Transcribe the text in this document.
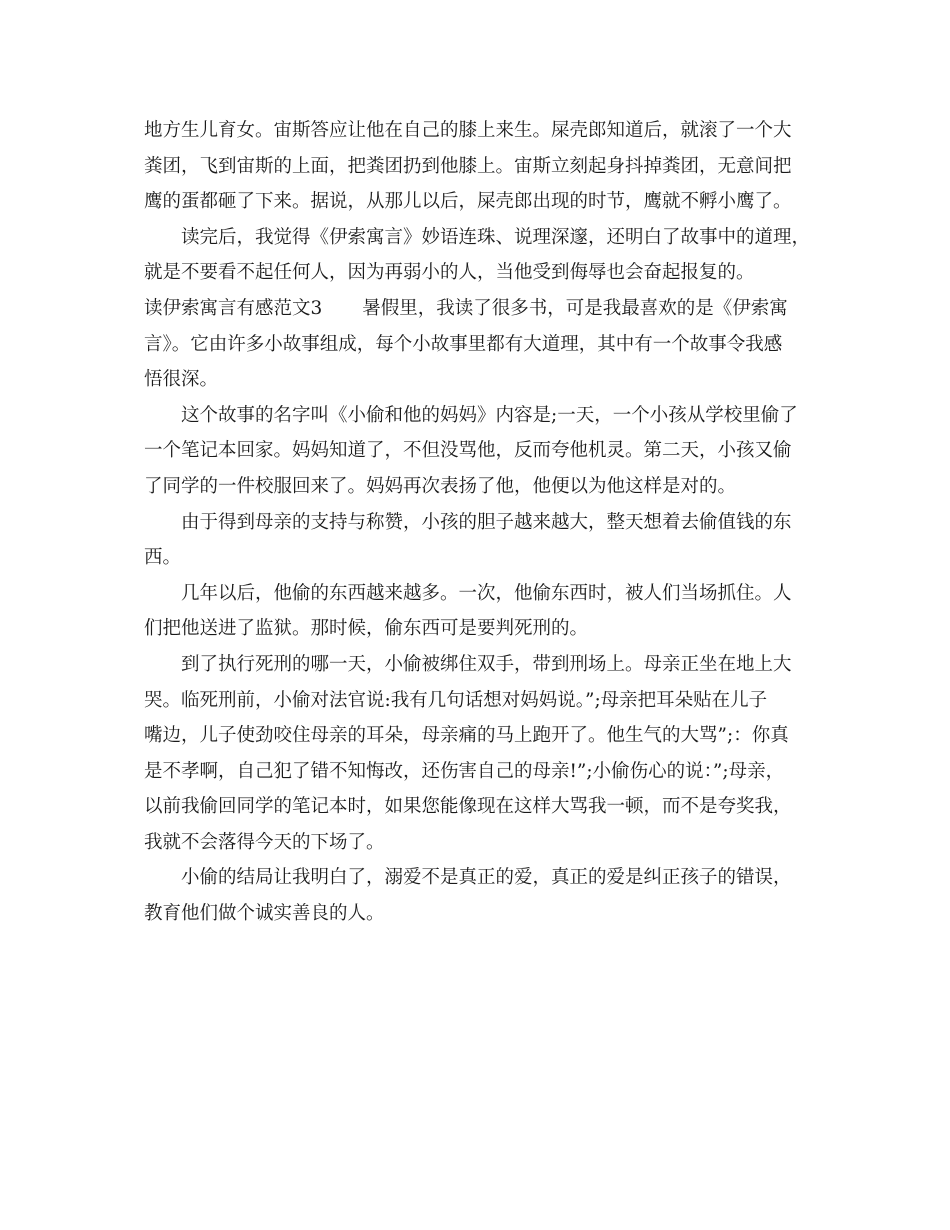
地方生儿育女。宙斯答应让他在自己的膝上来生。屎壳郎知道后，就滚了一个大
粪团，飞到宙斯的上面，把粪团扔到他膝上。宙斯立刻起身抖掉粪团，无意间把
鹰的蛋都砸了下来。据说，从那儿以后，屎壳郎出现的时节，鹰就不孵小鹰了。
读完后，我觉得《伊索寓言》妙语连珠、说理深邃，还明白了故事中的道理，
就是不要看不起任何人，因为再弱小的人，当他受到侮辱也会奋起报复的。
读伊索寓言有感范文3 暑假里，我读了很多书，可是我最喜欢的是《伊索寓
言》。它由许多小故事组成，每个小故事里都有大道理，其中有一个故事令我感
悟很深。
这个故事的名字叫《小偷和他的妈妈》内容是;一天，一个小孩从学校里偷了
一个笔记本回家。妈妈知道了，不但没骂他，反而夸他机灵。第二天，小孩又偷
了同学的一件校服回来了。妈妈再次表扬了他，他便以为他这样是对的。
由于得到母亲的支持与称赞，小孩的胆子越来越大，整天想着去偷值钱的东
西。
几年以后，他偷的东西越来越多。一次，他偷东西时，被人们当场抓住。人
们把他送进了监狱。那时候，偷东西可是要判死刑的。
到了执行死刑的哪一天，小偷被绑住双手，带到刑场上。母亲正坐在地上大
哭。临死刑前，小偷对法官说:我有几句话想对妈妈说。”;母亲把耳朵贴在儿子
嘴边，儿子使劲咬住母亲的耳朵，母亲痛的马上跑开了。他生气的大骂”;：你真
是不孝啊，自己犯了错不知悔改，还伤害自己的母亲!”;小偷伤心的说：”;母亲，
以前我偷回同学的笔记本时，如果您能像现在这样大骂我一顿，而不是夸奖我，
我就不会落得今天的下场了。
小偷的结局让我明白了，溺爱不是真正的爱，真正的爱是纠正孩子的错误，
教育他们做个诚实善良的人。
